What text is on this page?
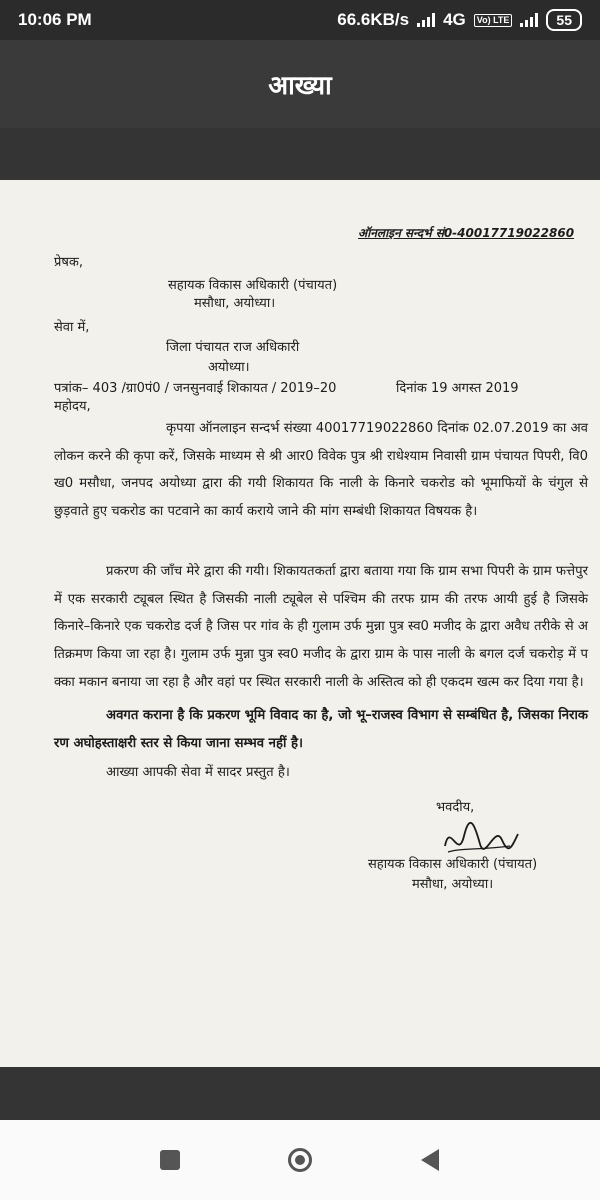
10:06 PM	66.6KB/s 4G	Vo) LTE	55
आख्या
ऑनलाइन सन्दर्भ सं0-40017719022860
प्रेषक,
सहायक विकास अधिकारी (पंचायत)
मसौधा, अयोध्या।
सेवा में,
जिला पंचायत राज अधिकारी
अयोध्या।
पत्रांक– 403 /ग्रा0पं0 / जनसुनवाई शिकायत / 2019–20	दिनांक 19 अगस्त 2019
महोदय,
कृपया ऑनलाइन सन्दर्भ संख्या 40017719022860 दिनांक 02.07.2019 का अवलोकन करने की कृपा करें, जिसके माध्यम से श्री आर0 विवेक पुत्र श्री राधेश्याम निवासी ग्राम पंचायत पिपरी, वि0ख0 मसौधा, जनपद अयोध्या द्वारा की गयी शिकायत कि नाली के किनारे चकरोड को भूमाफियों के चंगुल से छुड़वाते हुए चकरोड का पटवाने का कार्य कराये जाने की मांग सम्बंधी शिकायत विषयक है।
प्रकरण की जाँच मेरे द्वारा की गयी। शिकायतकर्ता द्वारा बताया गया कि ग्राम सभा पिपरी के ग्राम फत्तेपुर में एक सरकारी ट्यूबल स्थित है जिसकी नाली ट्यूबेल से पश्चिम की तरफ ग्राम की तरफ आयी हुई है जिसके किनारे–किनारे एक चकरोड दर्ज है जिस पर गांव के ही गुलाम उर्फ मुन्ना पुत्र स्व0 मजीद के द्वारा अवैध तरीके से अतिक्रमण किया जा रहा है। गुलाम उर्फ मुन्ना पुत्र स्व0 मजीद के द्वारा ग्राम के पास नाली के बगल दर्ज चकरोड़ में पक्का मकान बनाया जा रहा है और वहां पर स्थित सरकारी नाली के अस्तित्व को ही एकदम खत्म कर दिया गया है।
अवगत कराना है कि प्रकरण भूमि विवाद का है, जो भू–राजस्व विभाग से सम्बंधित है, जिसका निराकरण अघोहस्ताक्षरी स्तर से किया जाना सम्भव नहीं है।
आख्या आपकी सेवा में सादर प्रस्तुत है।
भवदीय,
सहायक विकास अधिकारी (पंचायत)
मसौधा, अयोध्या।
